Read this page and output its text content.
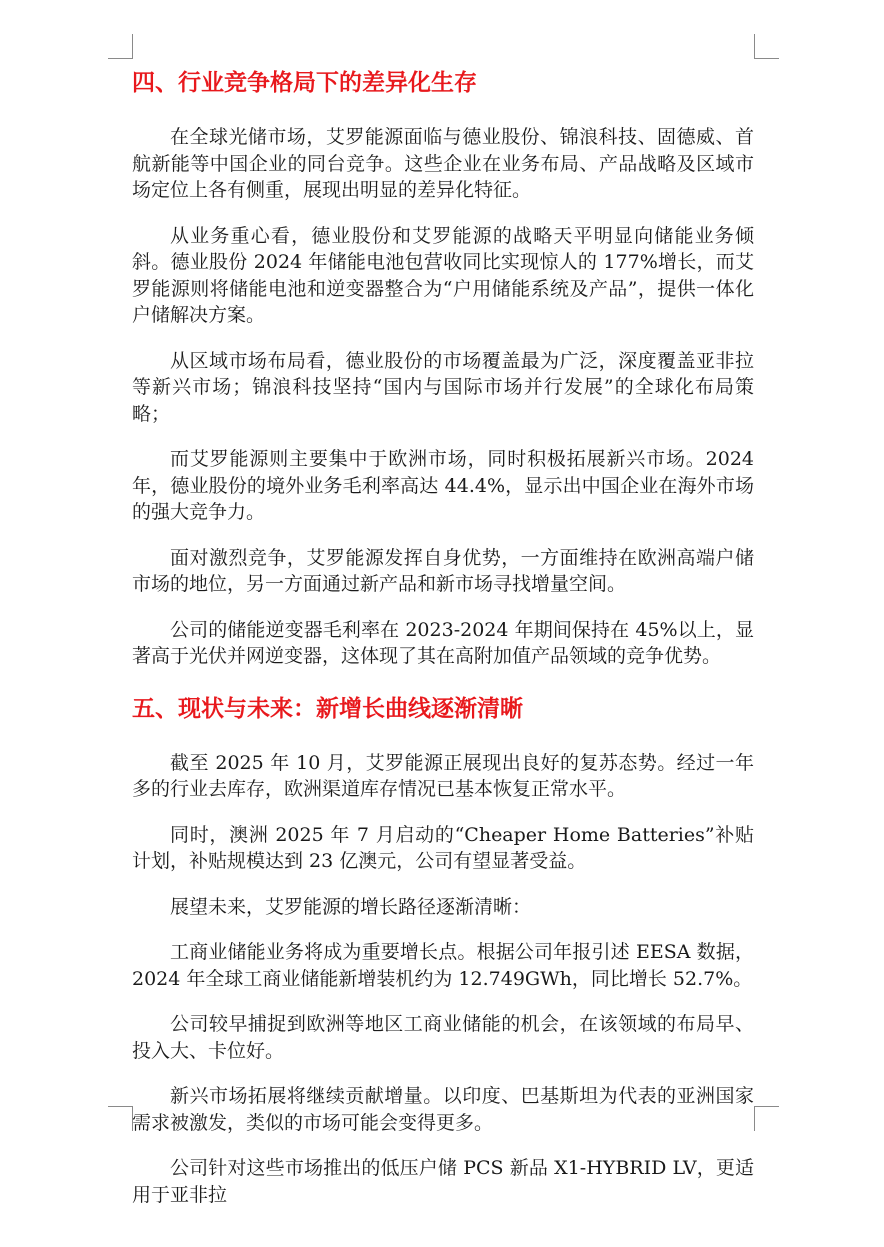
四、行业竞争格局下的差异化生存

在全球光储市场，艾罗能源面临与德业股份、锦浪科技、固德威、首航新能等中国企业的同台竞争。这些企业在业务布局、产品战略及区域市场定位上各有侧重，展现出明显的差异化特征。

从业务重心看，德业股份和艾罗能源的战略天平明显向储能业务倾斜。德业股份 2024 年储能电池包营收同比实现惊人的 177%增长，而艾罗能源则将储能电池和逆变器整合为“户用储能系统及产品”，提供一体化户储解决方案。

从区域市场布局看，德业股份的市场覆盖最为广泛，深度覆盖亚非拉等新兴市场；锦浪科技坚持“国内与国际市场并行发展”的全球化布局策略；

而艾罗能源则主要集中于欧洲市场，同时积极拓展新兴市场。2024 年，德业股份的境外业务毛利率高达 44.4%，显示出中国企业在海外市场的强大竞争力。

面对激烈竞争，艾罗能源发挥自身优势，一方面维持在欧洲高端户储市场的地位，另一方面通过新产品和新市场寻找增量空间。

公司的储能逆变器毛利率在 2023-2024 年期间保持在 45%以上，显著高于光伏并网逆变器，这体现了其在高附加值产品领域的竞争优势。

五、现状与未来：新增长曲线逐渐清晰

截至 2025 年 10 月，艾罗能源正展现出良好的复苏态势。经过一年多的行业去库存，欧洲渠道库存情况已基本恢复正常水平。

同时，澳洲 2025 年 7 月启动的“Cheaper Home Batteries”补贴计划，补贴规模达到 23 亿澳元，公司有望显著受益。

展望未来，艾罗能源的增长路径逐渐清晰：

工商业储能业务将成为重要增长点。根据公司年报引述 EESA 数据，2024 年全球工商业储能新增装机约为 12.749GWh，同比增长 52.7%。

公司较早捕捉到欧洲等地区工商业储能的机会，在该领域的布局早、投入大、卡位好。

新兴市场拓展将继续贡献增量。以印度、巴基斯坦为代表的亚洲国家需求被激发，类似的市场可能会变得更多。

公司针对这些市场推出的低压户储 PCS 新品 X1-HYBRID LV，更适用于亚非拉
